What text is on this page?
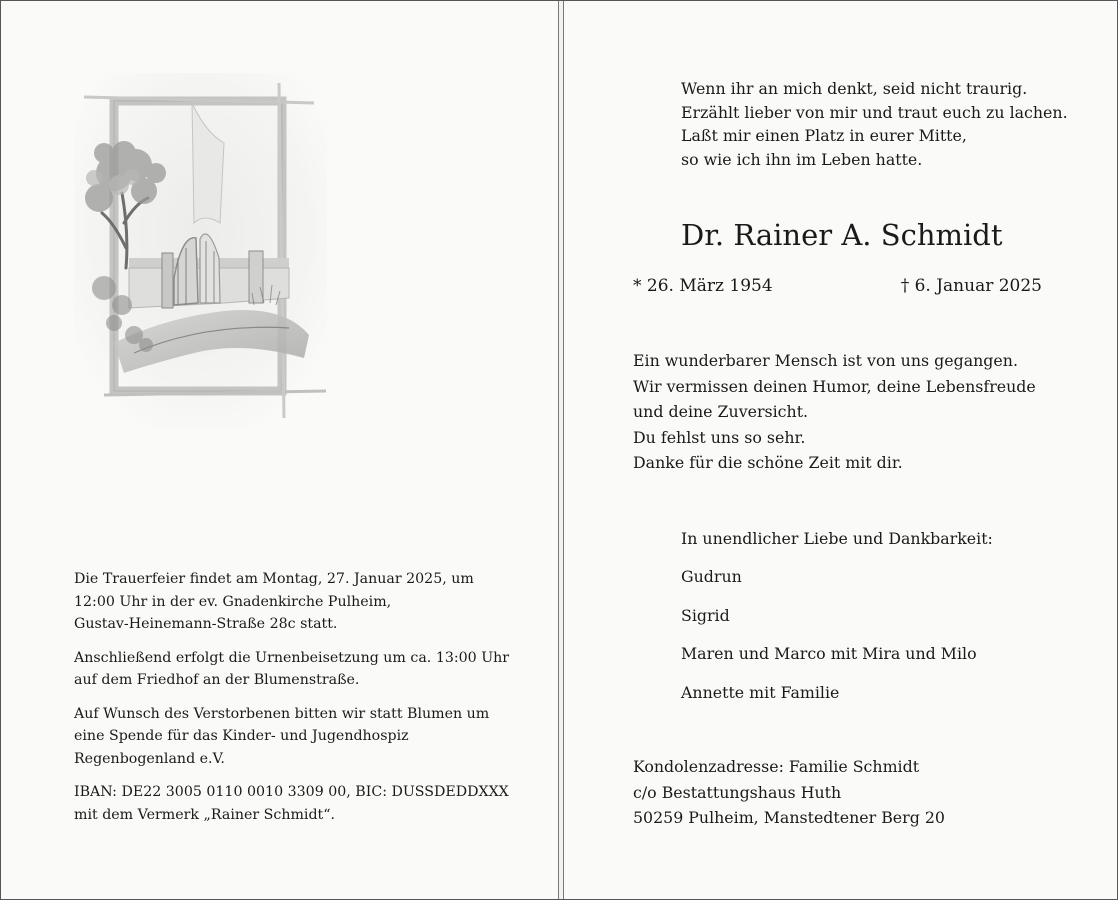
Die Trauerfeier findet am Montag, 27. Januar 2025, um
12:00 Uhr in der ev. Gnadenkirche Pulheim,
Gustav-Heinemann-Straße 28c statt.

Anschließend erfolgt die Urnenbeisetzung um ca. 13:00 Uhr
auf dem Friedhof an der Blumenstraße.

Auf Wunsch des Verstorbenen bitten wir statt Blumen um
eine Spende für das Kinder- und Jugendhospiz
Regenbogenland e.V.

IBAN: DE22 3005 0110 0010 3309 00, BIC: DUSSDEDDXXX
mit dem Vermerk „Rainer Schmidt“.

Wenn ihr an mich denkt, seid nicht traurig.
Erzählt lieber von mir und traut euch zu lachen.
Laßt mir einen Platz in eurer Mitte,
so wie ich ihn im Leben hatte.
Dr. Rainer A. Schmidt
* 26. März 1954	† 6. Januar 2025
Ein wunderbarer Mensch ist von uns gegangen.
Wir vermissen deinen Humor, deine Lebensfreude
und deine Zuversicht.
Du fehlst uns so sehr.
Danke für die schöne Zeit mit dir.
In unendlicher Liebe und Dankbarkeit:
Gudrun
Sigrid
Maren und Marco mit Mira und Milo
Annette mit Familie
Kondolenzadresse: Familie Schmidt
c/o Bestattungshaus Huth
50259 Pulheim, Manstedtener Berg 20
